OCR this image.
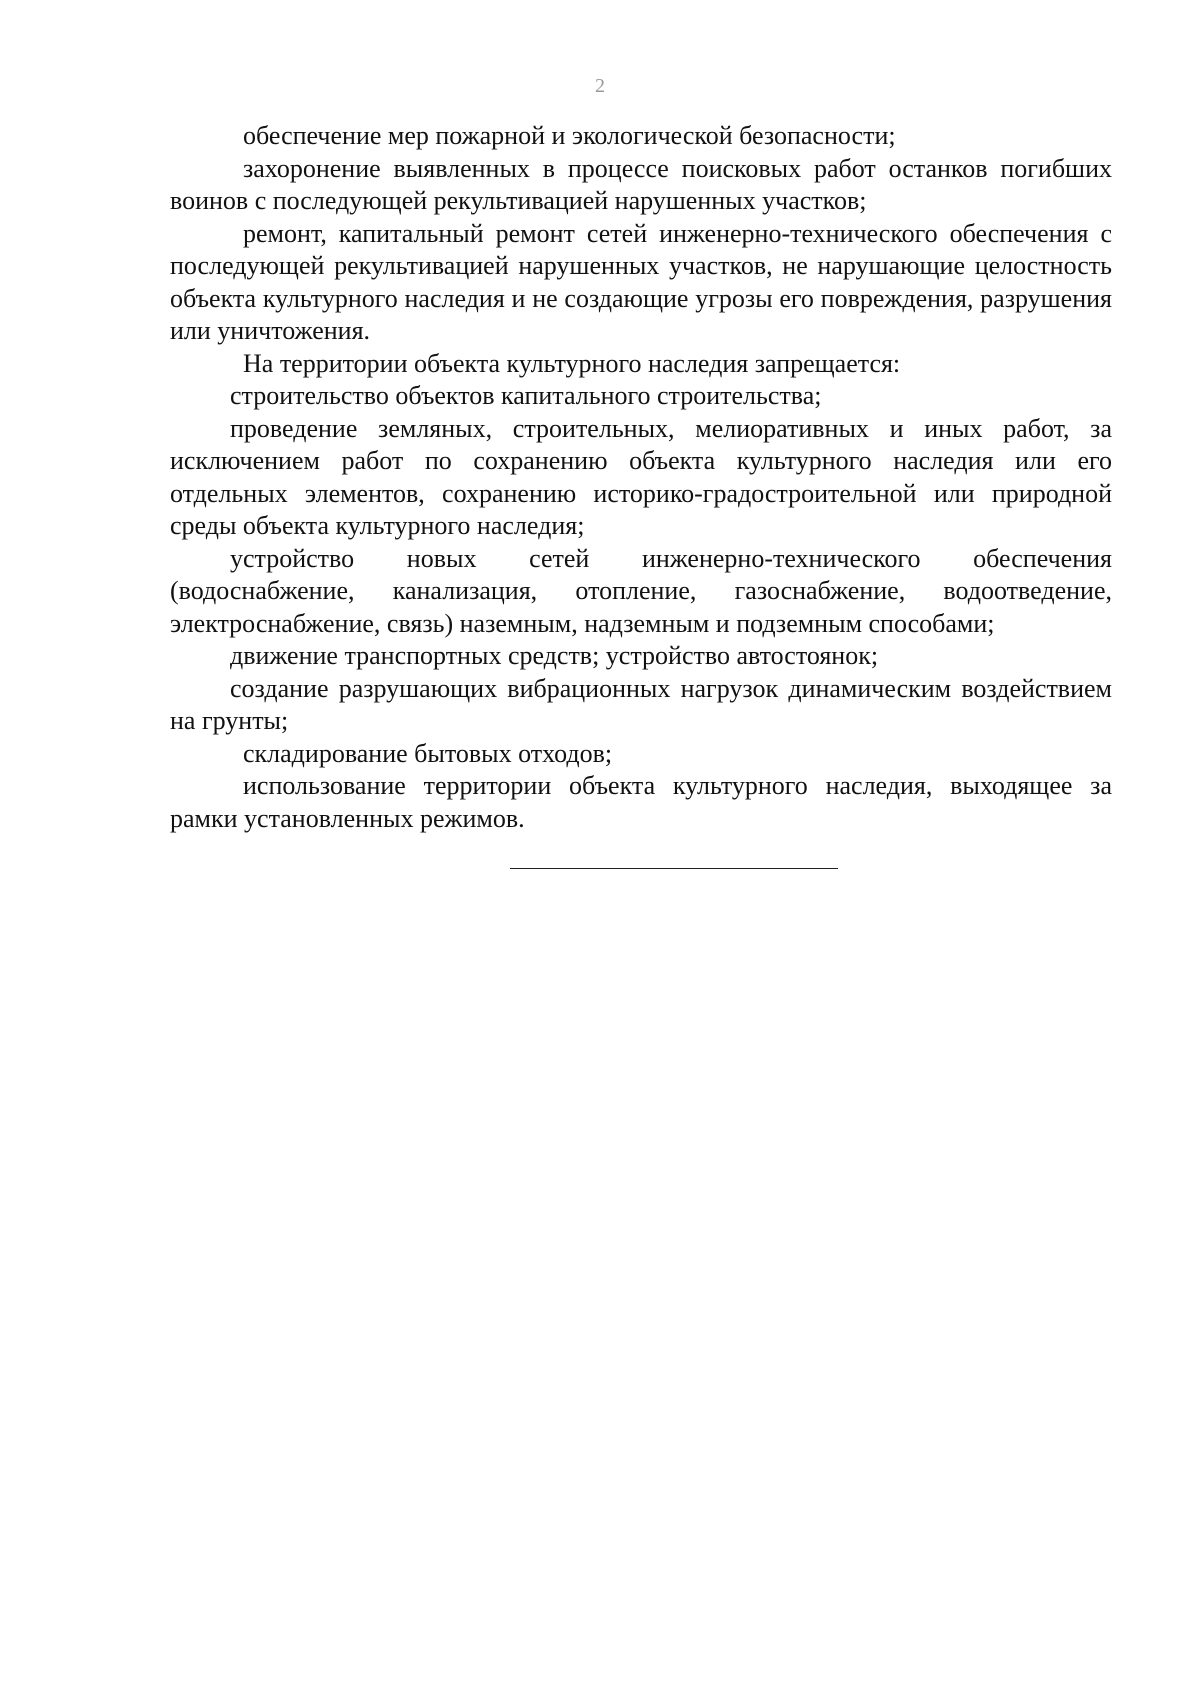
2

обеспечение мер пожарной и экологической безопасности;

захоронение выявленных в процессе поисковых работ останков погибших воинов с последующей рекультивацией нарушенных участков;

ремонт, капитальный ремонт сетей инженерно-технического обеспечения с последующей рекультивацией нарушенных участков, не нарушающие целостность объекта культурного наследия и не создающие угрозы его повреждения, разрушения или уничтожения.

На территории объекта культурного наследия запрещается:

строительство объектов капитального строительства;

проведение земляных, строительных, мелиоративных и иных работ, за исключением работ по сохранению объекта культурного наследия или его отдельных элементов, сохранению историко-градостроительной или природной среды объекта культурного наследия;

устройство новых сетей инженерно-технического обеспечения (водоснабжение, канализация, отопление, газоснабжение, водоотведение, электроснабжение, связь) наземным, надземным и подземным способами;

движение транспортных средств; устройство автостоянок;

создание разрушающих вибрационных нагрузок динамическим воздействием на грунты;

складирование бытовых отходов;

использование территории объекта культурного наследия, выходящее за рамки установленных режимов.
